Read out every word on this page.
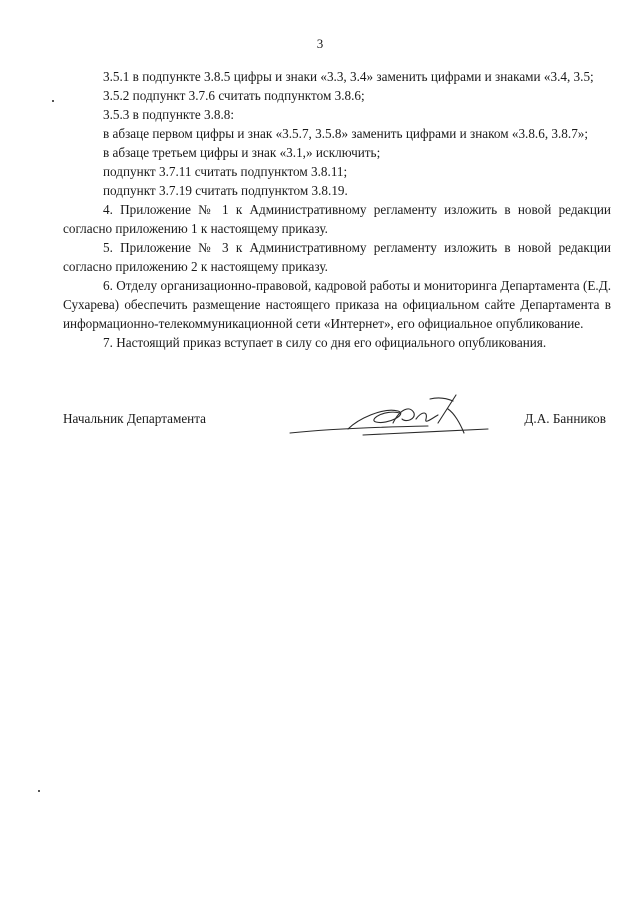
3

3.5.1 в подпункте 3.8.5 цифры и знаки «3.3, 3.4» заменить цифрами и знаками «3.4, 3.5;

3.5.2 подпункт 3.7.6 считать подпунктом 3.8.6;

3.5.3 в подпункте 3.8.8:

в абзаце первом цифры и знак «3.5.7, 3.5.8» заменить цифрами и знаком «3.8.6, 3.8.7»;

в абзаце третьем цифры и знак «3.1,» исключить;

подпункт 3.7.11 считать подпунктом 3.8.11;

подпункт 3.7.19 считать подпунктом 3.8.19.

4. Приложение № 1 к Административному регламенту изложить в новой редакции согласно приложению 1 к настоящему приказу.

5. Приложение № 3 к Административному регламенту изложить в новой редакции согласно приложению 2 к настоящему приказу.

6. Отделу организационно-правовой, кадровой работы и мониторинга Департамента (Е.Д. Сухарева) обеспечить размещение настоящего приказа на официальном сайте Департамента в информационно-телекоммуникационной сети «Интернет», его официальное опубликование.

7. Настоящий приказ вступает в силу со дня его официального опубликования.

Начальник Департамента	Д.А. Банников
